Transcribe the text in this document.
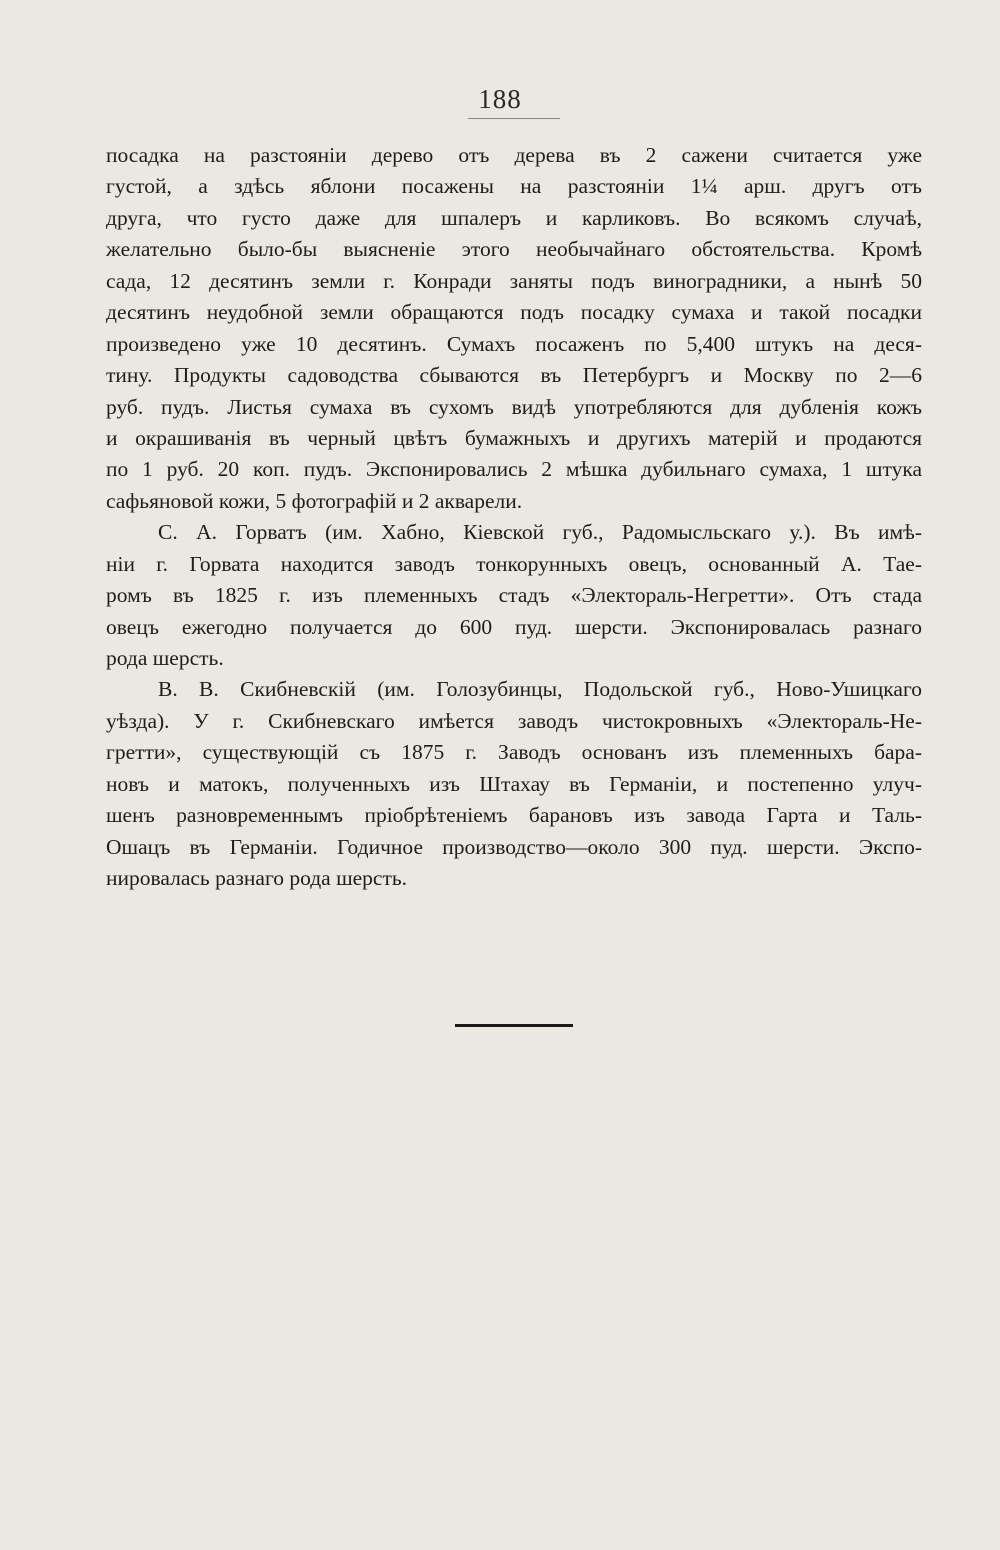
188
посадка на разстояніи дерево отъ дерева въ 2 сажени считается уже
густой, а здѣсь яблони посажены на разстояніи 1¼ арш. другъ отъ
друга, что густо даже для шпалеръ и карликовъ. Во всякомъ случаѣ,
желательно было-бы выясненіе этого необычайнаго обстоятельства. Кромѣ
сада, 12 десятинъ земли г. Конради заняты подъ виноградники, а нынѣ 50
десятинъ неудобной земли обращаются подъ посадку сумаха и такой посадки
произведено уже 10 десятинъ. Сумахъ посаженъ по 5,400 штукъ на деся-
тину. Продукты садоводства сбываются въ Петербургъ и Москву по 2—6
руб. пудъ. Листья сумаха въ сухомъ видѣ употребляются для дубленія кожъ
и окрашиванія въ черный цвѣтъ бумажныхъ и другихъ матерій и продаются
по 1 руб. 20 коп. пудъ. Экспонировались 2 мѣшка дубильнаго сумаха, 1 штука
сафьяновой кожи, 5 фотографій и 2 акварели.
С. А. Горватъ (им. Хабно, Кіевской губ., Радомысльскаго у.). Въ имѣ-
ніи г. Горвата находится заводъ тонкорунныхъ овецъ, основанный А. Тае-
ромъ въ 1825 г. изъ племенныхъ стадъ «Электораль-Негретти». Отъ стада
овецъ ежегодно получается до 600 пуд. шерсти. Экспонировалась разнаго
рода шерсть.
В. В. Скибневскій (им. Голозубинцы, Подольской губ., Ново-Ушицкаго
уѣзда). У г. Скибневскаго имѣется заводъ чистокровныхъ «Электораль-Не-
гретти», существующій съ 1875 г. Заводъ основанъ изъ племенныхъ бара-
новъ и матокъ, полученныхъ изъ Штахау въ Германіи, и постепенно улуч-
шенъ разновременнымъ пріобрѣтеніемъ барановъ изъ завода Гарта и Таль-
Ошацъ въ Германіи. Годичное производство—около 300 пуд. шерсти. Экспо-
нировалась разнаго рода шерсть.
